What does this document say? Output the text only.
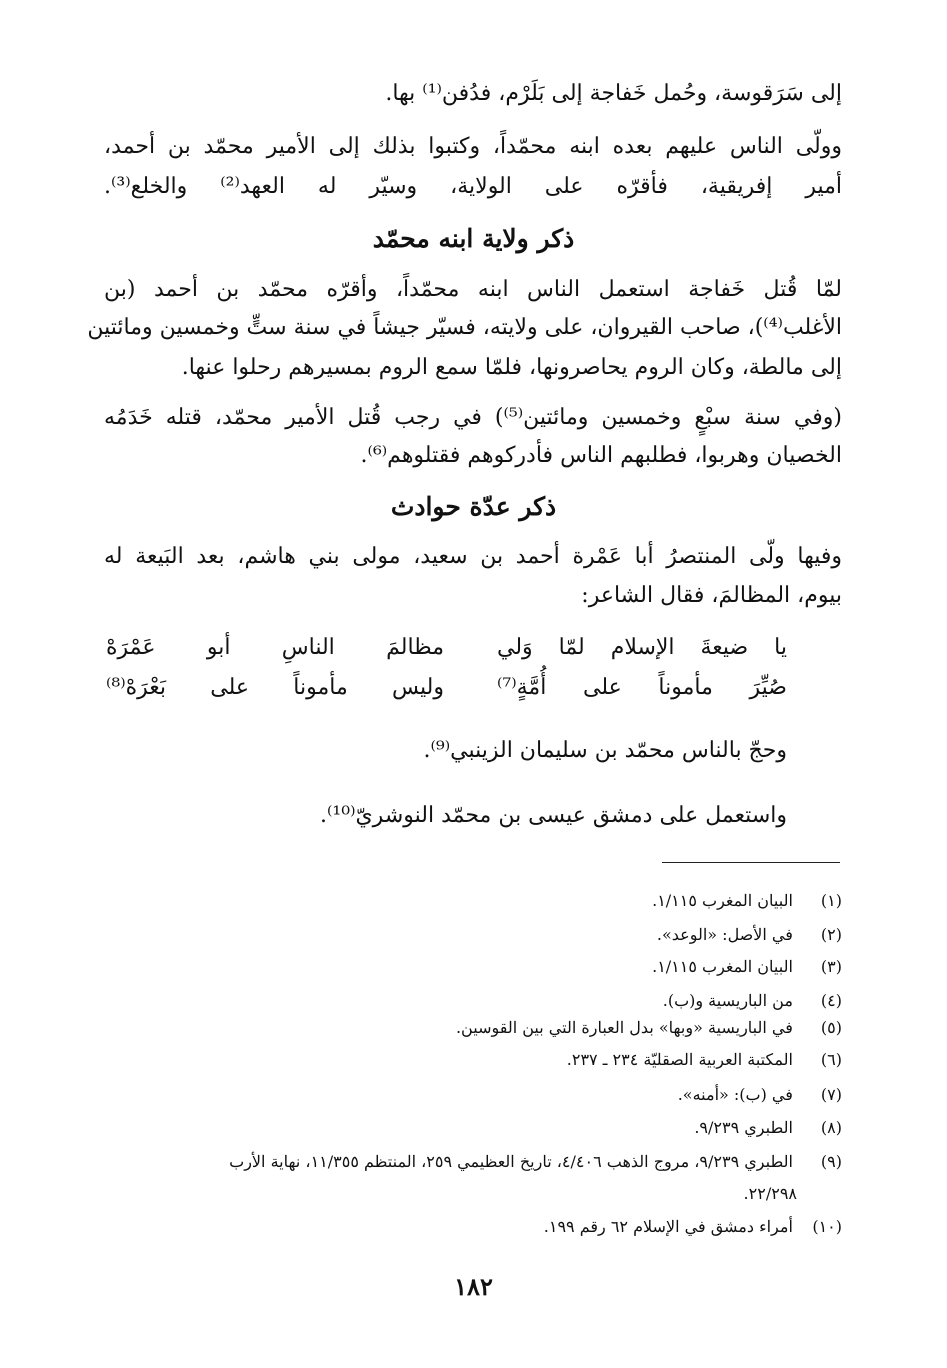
إلى سَرَقوسة، وحُمل خَفاجة إلى بَلَرْم، فدُفن⁽¹⁾ بها.
وولّى الناس عليهم بعده ابنه محمّداً، وكتبوا بذلك إلى الأمير محمّد بن أحمد،
أمير إفريقية، فأقرّه على الولاية، وسيّر له العهد⁽²⁾ والخلع⁽³⁾.
ذكر ولاية ابنه محمّد
لمّا قُتل خَفاجة استعمل الناس ابنه محمّداً، وأقرّه محمّد بن أحمد (بن
الأغلب⁽⁴⁾)، صاحب القيروان، على ولايته، فسيّر جيشاً في سنة ستٍّ وخمسين ومائتين
إلى مالطة، وكان الروم يحاصرونها، فلمّا سمع الروم بمسيرهم رحلوا عنها.
(وفي سنة سبْعٍ وخمسين ومائتين⁽⁵⁾) في رجب قُتل الأمير محمّد، قتله خَدَمُه
الخصيان وهربوا، فطلبهم الناس فأدركوهم فقتلوهم⁽⁶⁾.
ذكر عدّة حوادث
وفيها ولّى المنتصرُ أبا عَمْرة أحمد بن سعيد، مولى بني هاشم، بعد البَيعة له
بيوم، المظالمَ، فقال الشاعر:
يا ضيعةَ الإسلام لمّا وَلي
مظالمَ الناسِ أبو عَمْرَهْ
صُيِّرَ مأموناً على أُمَّةٍ⁽⁷⁾
وليس مأموناً على بَعْرَهْ⁽⁸⁾
وحجّ بالناس محمّد بن سليمان الزينبي⁽⁹⁾.
واستعمل على دمشق عيسى بن محمّد النوشريّ⁽¹⁰⁾.
(١) البيان المغرب ١/١١٥.
(٢) في الأصل: «الوعد».
(٣) البيان المغرب ١/١١٥.
(٤) من الباريسية و(ب).
(٥) في الباريسية «وبها» بدل العبارة التي بين القوسين.
(٦) المكتبة العربية الصقليّة ٢٣٤ ـ ٢٣٧.
(٧) في (ب): «أمنه».
(٨) الطبري ٩/٢٣٩.
(٩) الطبري ٩/٢٣٩، مروج الذهب ٤/٤٠٦، تاريخ العظيمي ٢٥٩، المنتظم ١١/٣٥٥، نهاية الأرب
٢٢/٢٩٨.
(١٠) أمراء دمشق في الإسلام ٦٢ رقم ١٩٩.
١٨٢
